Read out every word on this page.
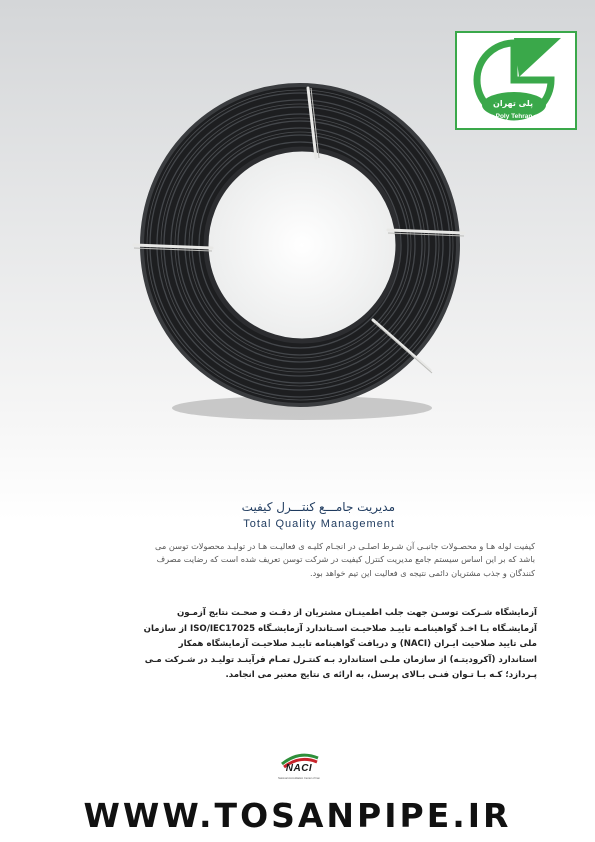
پلی تهران
Poly Tehran
مدیریت جامـــع کنتـــرل کیفیت
Total Quality Management
کیفیت لوله هـا و محصـولات جانبـی آن شـرط اصلـی در انجـام کلیـه ی فعالیـت هـا در تولیـد محصولات توسن می باشد که بر این اساس سیستم جامع مدیریت کنترل کیفیت در شرکت توسن تعریف شده است که رضایت مصرف کنندگان و جذب مشتریان دائمی نتیجه ی فعالیت این تیم خواهد بود.
آزمایشگاه شـرکت توسـن جهت جلب اطمینـان مشتریان از دقـت و صحـت نتایج آزمـون آزمایشـگاه بـا اخـذ گواهینامـه تاییـد صلاحیـت اسـتاندارد آزمایشـگاه ISO/IEC17025 از سازمان ملی تایید صلاحیت ایـران (NACI) و دریافت گواهینامه تاییـد صلاحیـت آزمایشگاه همکار استاندارد (آکرودیتـه) از سازمان ملـی استاندارد بـه کنتـرل تمـام فرآینـد تولیـد در شـرکت مـی پـردازد؛ کـه بـا تـوان فنـی بـالای پرسنل، به ارائه ی نتایج معتبر می انجامد.
NACI
National Accreditation Center of Iran
WWW.TOSANPIPE.IR
